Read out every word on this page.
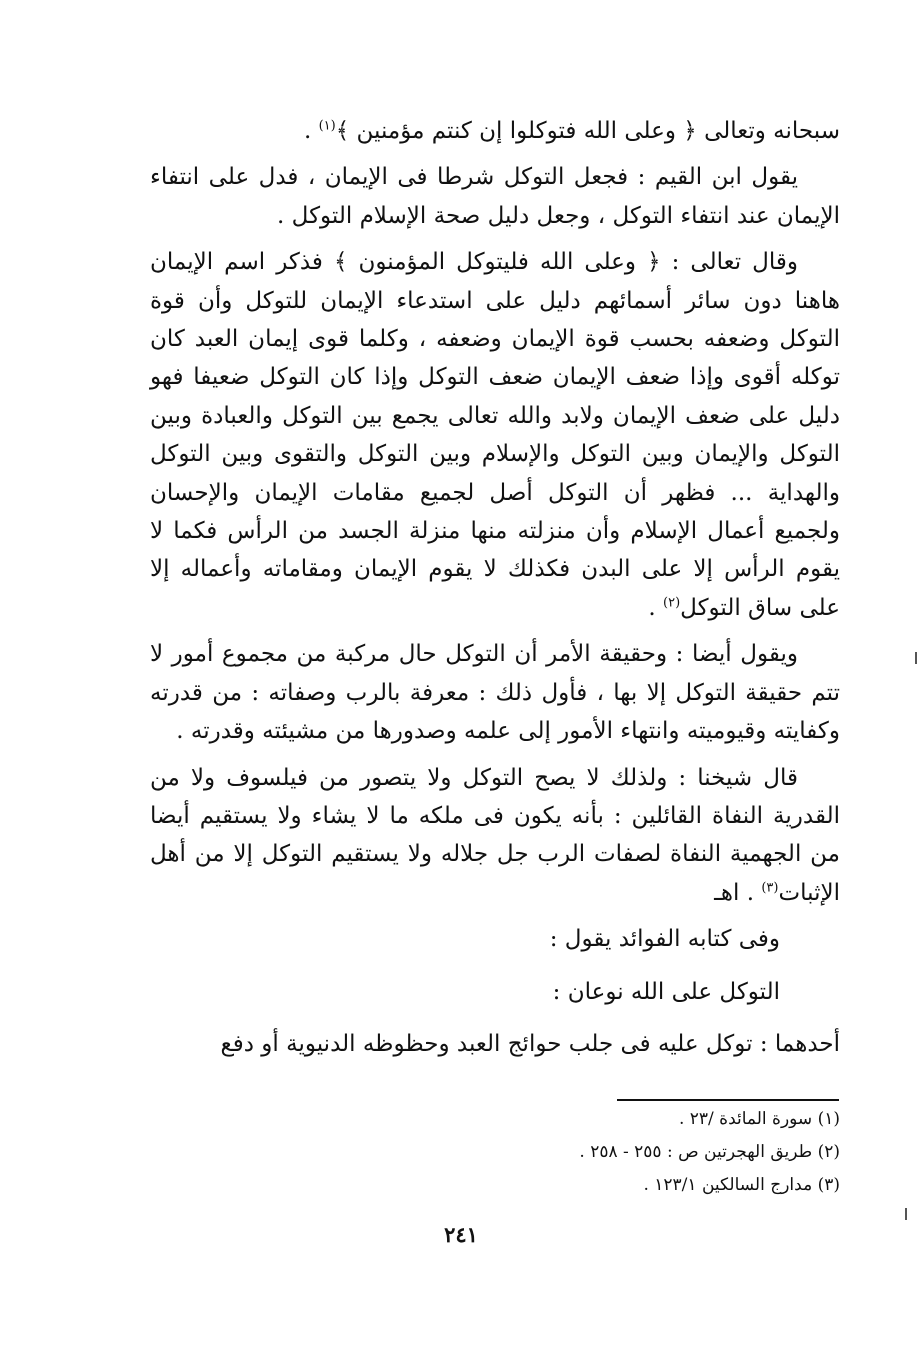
سبحانه وتعالى ﴿ وعلى الله فتوكلوا إن كنتم مؤمنين ﴾$^{(١)}$ .

يقول ابن القيم : فجعل التوكل شرطا فى الإيمان ، فدل على انتفاء الإيمان عند انتفاء التوكل ، وجعل دليل صحة الإسلام التوكل .

وقال تعالى : ﴿ وعلى الله فليتوكل المؤمنون ﴾ فذكر اسم الإيمان هاهنا دون سائر أسمائهم دليل على استدعاء الإيمان للتوكل وأن قوة التوكل وضعفه بحسب قوة الإيمان وضعفه ، وكلما قوى إيمان العبد كان توكله أقوى وإذا ضعف الإيمان ضعف التوكل وإذا كان التوكل ضعيفا فهو دليل على ضعف الإيمان ولابد والله تعالى يجمع بين التوكل والعبادة وبين التوكل والإيمان وبين التوكل والإسلام وبين التوكل والتقوى وبين التوكل والهداية ... فظهر أن التوكل أصل لجميع مقامات الإيمان والإحسان ولجميع أعمال الإسلام وأن منزلته منها منزلة الجسد من الرأس فكما لا يقوم الرأس إلا على البدن فكذلك لا يقوم الإيمان ومقاماته وأعماله إلا على ساق التوكل$^{(٢)}$ .

ويقول أيضا : وحقيقة الأمر أن التوكل حال مركبة من مجموع أمور لا تتم حقيقة التوكل إلا بها ، فأول ذلك : معرفة بالرب وصفاته : من قدرته وكفايته وقيوميته وانتهاء الأمور إلى علمه وصدورها من مشيئته وقدرته .

قال شيخنا : ولذلك لا يصح التوكل ولا يتصور من فيلسوف ولا من القدرية النفاة القائلين : بأنه يكون فى ملكه ما لا يشاء ولا يستقيم أيضا من الجهمية النفاة لصفات الرب جل جلاله ولا يستقيم التوكل إلا من أهل الإثبات$^{(٣)}$ . اهـ

وفى كتابه الفوائد يقول :

التوكل على الله نوعان :

أحدهما : توكل عليه فى جلب حوائج العبد وحظوظه الدنيوية أو دفع

(١) سورة المائدة /٢٣ .

(٢) طريق الهجرتين ص : ٢٥٥ - ٢٥٨ .

(٣) مدارج السالكين ١٢٣/١ .

٢٤١
